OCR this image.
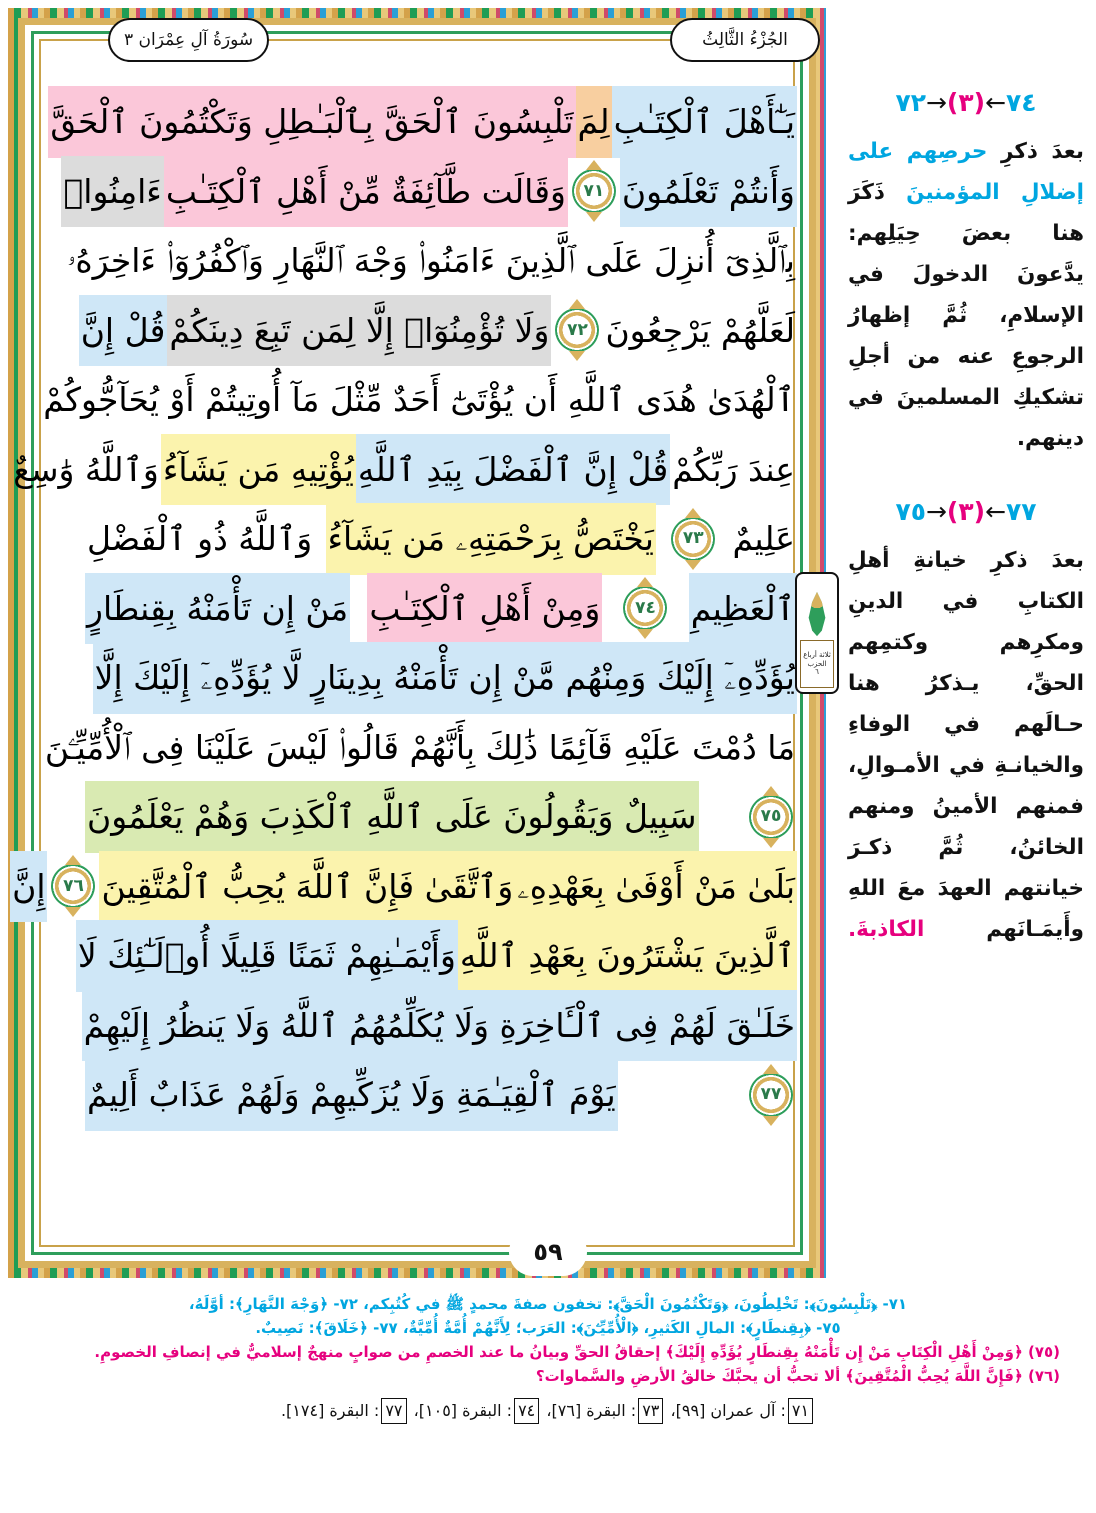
يَـٰٓأَهْلَ ٱلْكِتَـٰبِ
لِمَ
تَلْبِسُونَ ٱلْحَقَّ بِٱلْبَـٰطِلِ وَتَكْتُمُونَ ٱلْحَقَّ
وَأَنتُمْ تَعْلَمُونَ
٧١
وَقَالَت طَّآئِفَةٌ مِّنْ أَهْلِ ٱلْكِتَـٰبِ
ءَامِنُوا۟
بِٱلَّذِىٓ أُنزِلَ عَلَى ٱلَّذِينَ ءَامَنُوا۟ وَجْهَ ٱلنَّهَارِ وَٱكْفُرُوٓا۟ ءَاخِرَهُۥ
لَعَلَّهُمْ يَرْجِعُونَ
٧٢
وَلَا تُؤْمِنُوٓا۟ إِلَّا لِمَن تَبِعَ دِينَكُمْ
قُلْ إِنَّ
ٱلْهُدَىٰ هُدَى ٱللَّهِ أَن يُؤْتَىٰٓ أَحَدٌ مِّثْلَ مَآ أُوتِيتُمْ أَوْ يُحَآجُّوكُمْ
عِندَ رَبِّكُمْ
قُلْ إِنَّ ٱلْفَضْلَ بِيَدِ ٱللَّهِ
يُؤْتِيهِ مَن يَشَآءُ
وَٱللَّهُ وَٰسِعٌ
عَلِيمٌ
٧٣
يَخْتَصُّ بِرَحْمَتِهِۦ مَن يَشَآءُ
وَٱللَّهُ ذُو ٱلْفَضْلِ
ٱلْعَظِيمِ
٧٤
وَمِنْ أَهْلِ ٱلْكِتَـٰبِ
مَنْ إِن تَأْمَنْهُ بِقِنطَارٍ
يُؤَدِّهِۦٓ إِلَيْكَ وَمِنْهُم مَّنْ إِن تَأْمَنْهُ بِدِينَارٍ لَّا يُؤَدِّهِۦٓ إِلَيْكَ إِلَّا
مَا دُمْتَ عَلَيْهِ قَآئِمًا ذَٰلِكَ بِأَنَّهُمْ قَالُوا۟ لَيْسَ عَلَيْنَا فِى ٱلْأُمِّيِّـۧنَ
٧٥
سَبِيلٌ وَيَقُولُونَ عَلَى ٱللَّهِ ٱلْكَذِبَ وَهُمْ يَعْلَمُونَ
بَلَىٰ مَنْ أَوْفَىٰ بِعَهْدِهِۦ
وَٱتَّقَىٰ فَإِنَّ ٱللَّهَ يُحِبُّ ٱلْمُتَّقِينَ
٧٦
إِنَّ
ٱلَّذِينَ يَشْتَرُونَ بِعَهْدِ ٱللَّهِ
وَأَيْمَـٰنِهِمْ ثَمَنًا قَلِيلًا أُو۟لَـٰٓئِكَ لَا
خَلَـٰقَ لَهُمْ فِى ٱلْـَٔاخِرَةِ وَلَا يُكَلِّمُهُمُ ٱللَّهُ وَلَا يَنظُرُ إِلَيْهِمْ
٧٧
يَوْمَ ٱلْقِيَـٰمَةِ وَلَا يُزَكِّيهِمْ وَلَهُمْ عَذَابٌ أَلِيمٌ
سُورَةُ آلِ عِمْرَان ٣	الجُزْءُ الثَّالِثُ
ثلاثة أرباع
الحزب
٦
٥٩
٧٤←(٣)→٧٢
بعدَ ذكرِ حرصِهم على إضلالِ المؤمنينَ ذَكَرَ هنا بعضَ حِيَلِهم: يدَّعونَ الدخولَ في الإسلامِ، ثُمَّ إظهارُ الرجوعِ عنه من أجلِ تشكيكِ المسلمينَ في دينهم.
٧٧←(٣)→٧٥
بعدَ ذكرِ خيانةِ أهلِ الكتابِ في الدينِ ومكرِهم وكتمِهم الحقِّ، يـذكرُ هنا حـالَهم في الوفاءِ والخيانـةِ في الأمـوالِ، فمنهم الأمينُ ومنهم الخائنُ، ثُمَّ ذكـرَ خيانتهم العهدَ معَ اللهِ وأَيمَـانَهم الكاذبةَ.
٧١- ﴿تَلْبِسُونَ﴾: تَخْلِطُونَ، ﴿وَتَكْتُمُونَ الْحَقَّ﴾: تخفون صفةَ محمدٍ ﷺ في كُتُبِكم، ٧٢- ﴿وَجْهَ النَّهَارِ﴾: أوَّلَهُ،
٧٥- ﴿بِقِنطَارٍ﴾: المالِ الكَثيرِ، ﴿الْأُمِّيِّـۧنَ﴾: العَرَب؛ لِأَنَّهُمْ أُمَّةٌ أُمِّيَّةٌ، ٧٧- ﴿خَلَاقَ﴾: نَصِيبٌ.
(٧٥) ﴿وَمِنْ أَهْلِ الْكِتَابِ مَنْ إِن تَأْمَنْهُ بِقِنطَارٍ يُؤَدِّهِ إِلَيْكَ﴾ إحقاقُ الحقِّ وبيانُ ما عند الخصمِ من صوابٍ منهجٌ إسلاميٌّ في إنصافِ الخصومِ.
(٧٦) ﴿فَإِنَّ اللَّهَ يُحِبُّ الْمُتَّقِينَ﴾ ألا تحبُّ أن يحبَّكَ خالقُ الأرضِ والسَّماوات؟
٧١: آل عمران [٩٩]، ٧٣: البقرة [٧٦]، ٧٤: البقرة [١٠٥]، ٧٧: البقرة [١٧٤].
